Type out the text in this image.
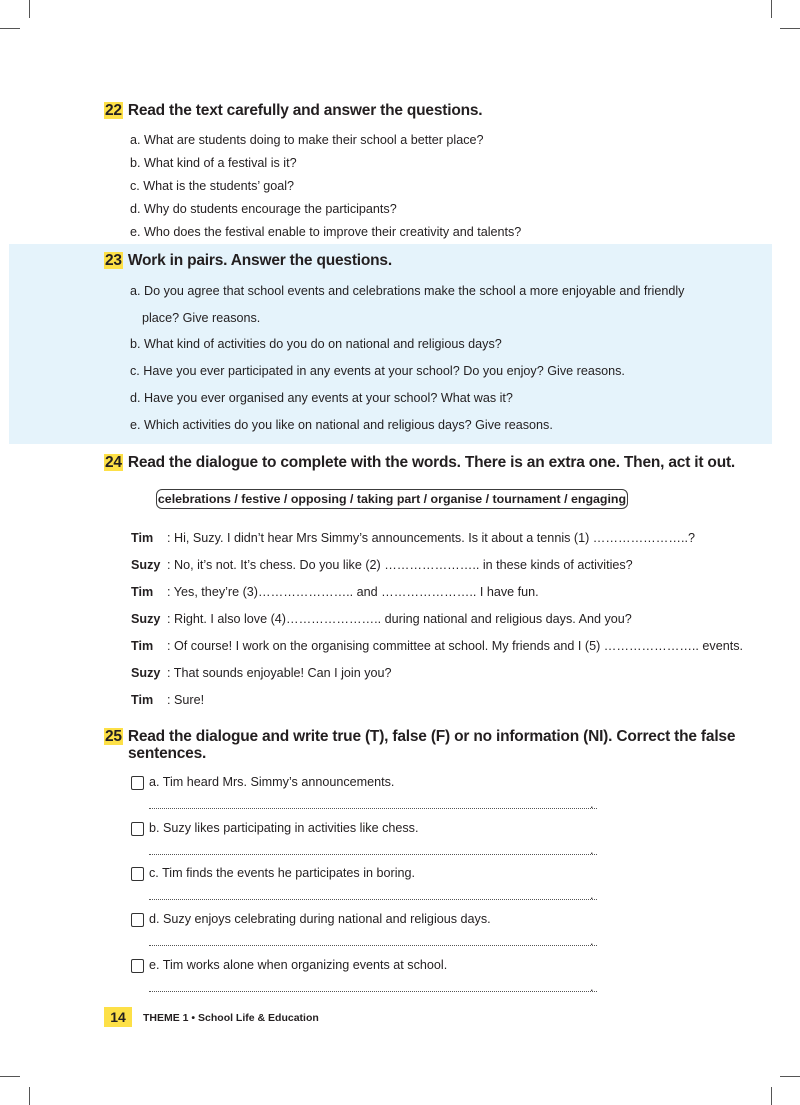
22 Read the text carefully and answer the questions.
a. What are students doing to make their school a better place?
b. What kind of a festival is it?
c. What is the students’ goal?
d. Why do students encourage the participants?
e. Who does the festival enable to improve their creativity and talents?
23 Work in pairs. Answer the questions.
a. Do you agree that school events and celebrations make the school a more enjoyable and friendly
place? Give reasons.
b. What kind of activities do you do on national and religious days?
c. Have you ever participated in any events at your school? Do you enjoy? Give reasons.
d. Have you ever organised any events at your school? What was it?
e. Which activities do you like on national and religious days? Give reasons.
24 Read the dialogue to complete with the words. There is an extra one. Then, act it out.
celebrations / festive / opposing / taking part / organise / tournament / engaging
Tim : Hi, Suzy. I didn’t hear Mrs Simmy’s announcements. Is it about a tennis (1) …………………..?
Suzy : No, it’s not. It’s chess. Do you like (2) ………………….. in these kinds of activities?
Tim : Yes, they’re (3)………………….. and ………………….. I have fun.
Suzy : Right. I also love (4)………………….. during national and religious days. And you?
Tim : Of course! I work on the organising committee at school. My friends and I (5) ………………….. events.
Suzy : That sounds enjoyable! Can I join you?
Tim : Sure!
25 Read the dialogue and write true (T), false (F) or no information (NI). Correct the false
sentences.
a. Tim heard Mrs. Simmy’s announcements.
.
b. Suzy likes participating in activities like chess.
.
c. Tim finds the events he participates in boring.
.
d. Suzy enjoys celebrating during national and religious days.
.
e. Tim works alone when organizing events at school.
.
14	THEME 1 • School Life & Education
